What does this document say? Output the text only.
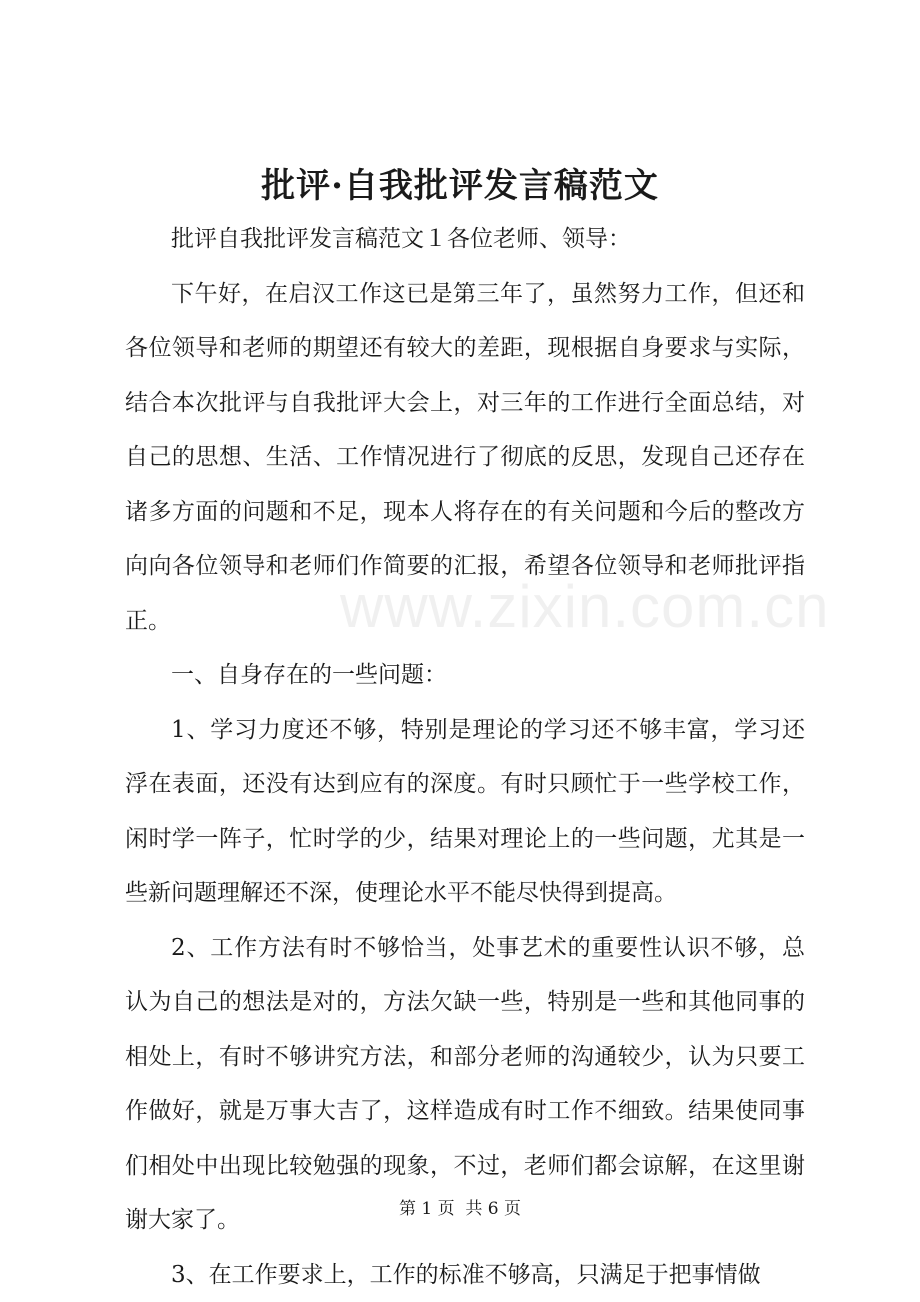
批评·自我批评发言稿范文

批评自我批评发言稿范文１各位老师、领导：

下午好，在启汉工作这已是第三年了，虽然努力工作，但还和各位领导和老师的期望还有较大的差距，现根据自身要求与实际，结合本次批评与自我批评大会上，对三年的工作进行全面总结，对自己的思想、生活、工作情况进行了彻底的反思，发现自己还存在诸多方面的问题和不足，现本人将存在的有关问题和今后的整改方向向各位领导和老师们作简要的汇报，希望各位领导和老师批评指正。

一、自身存在的一些问题：

1、学习力度还不够，特别是理论的学习还不够丰富，学习还浮在表面，还没有达到应有的深度。有时只顾忙于一些学校工作，闲时学一阵子，忙时学的少，结果对理论上的一些问题，尤其是一些新问题理解还不深，使理论水平不能尽快得到提高。

2、工作方法有时不够恰当，处事艺术的重要性认识不够，总认为自己的想法是对的，方法欠缺一些，特别是一些和其他同事的相处上，有时不够讲究方法，和部分老师的沟通较少，认为只要工作做好，就是万事大吉了，这样造成有时工作不细致。结果使同事们相处中出现比较勉强的现象，不过，老师们都会谅解，在这里谢谢大家了。

3、在工作要求上，工作的标准不够高，只满足于把事情做

www.zixin.com.cn
第 1 页 共 6 页
